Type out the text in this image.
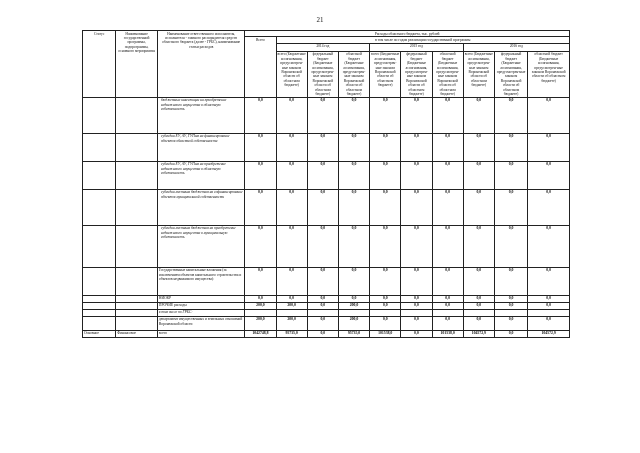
21
Статус	Наименование государственной программы, подпрограммы, основного мероприятия	Наименование ответственного исполнителя, исполнителя - главного распорядителя средств областного бюджета (далее - ГРБС), наименование статьи расходов	Расходы областного бюджета, тыс. рублей									
			Всего	в том числе по годам реализации государственной программы								
				2014 год			2015 год			2016 год		
				всего (Бюджетные ассигнования, предусмотрен-ные законом Воронежской области об областном бюджете)	федеральный бюджет (Бюджетные ассигнования, предусмотрен-ные законом Воронежской области об областном бюджете)	областной бюджет (Бюджетные ассигнования, предусмотрен-ные законом Воронежской области об областном бюджете)	всего (Бюджетные ассигнования, предусмотрен-ные законом Воронежской области об областном бюджете)	федеральный бюджет (Бюджетные ассигнования, предусмотрен-ные законом Воронежской области об областном бюджете)	областной бюджет (Бюджетные ассигнования, предусмотрен-ные законом Воронежской области об областном бюджете)	всего (Бюджетные ассигнования, предусмотрен-ные законом Воронежской области об областном бюджете)	федеральный бюджет (Бюджетные ассигнования, предусмотрен-ные законом Воронежской области об областном бюджете)	областной бюджет (Бюджетные ассигнования, предусмотрен-ные законом Воронежской области об областном бюджете)
		бюджетные инвестиции на приобретение недвижимого имущества в областную собственность	0,0	0,0	0,0	0,0	0,0	0,0	0,0	0,0	0,0	0,0
		субсидии ЕУ, АУ, ГУПам на финансирование объектов областной собственности	0,0	0,0	0,0	0,0	0,0	0,0	0,0	0,0	0,0	0,0
		субсидии ЕУ, АУ, ГУПам на приобретение недвижимого имущества в областную собственность	0,0	0,0	0,0	0,0	0,0	0,0	0,0	0,0	0,0	0,0
		субсидии местным бюджетам на софинансирование объектов муниципальной собственности	0,0	0,0	0,0	0,0	0,0	0,0	0,0	0,0	0,0	0,0
		субсидии местным бюджетам на приобретение недвижимого имущества в муниципальную собственность	0,0	0,0	0,0	0,0	0,0	0,0	0,0	0,0	0,0	0,0
		Государственные капитальные вложения (за исключением объектов капитального строительства и объектов недвижимого имущества):	0,0	0,0	0,0	0,0	0,0	0,0	0,0	0,0	0,0	0,0
		НИОКР	0,0	0,0	0,0	0,0	0,0	0,0	0,0	0,0	0,0	0,0
		ПРОЧИЕ расходы	200,0	200,0	0,0	200,0	0,0	0,0	0,0	0,0	0,0	0,0
		в том числе по ГРБС:										
		департамент имущественных и земельных отношений Воронежской области	200,0	200,0	0,0	200,0	0,0	0,0	0,0	0,0	0,0	0,0
Основное	Финансовое	всего	1042748,8	95735,0	0,0	95735,0	101538,0	0,0	101538,0	104572,9	0,0	104572,9
